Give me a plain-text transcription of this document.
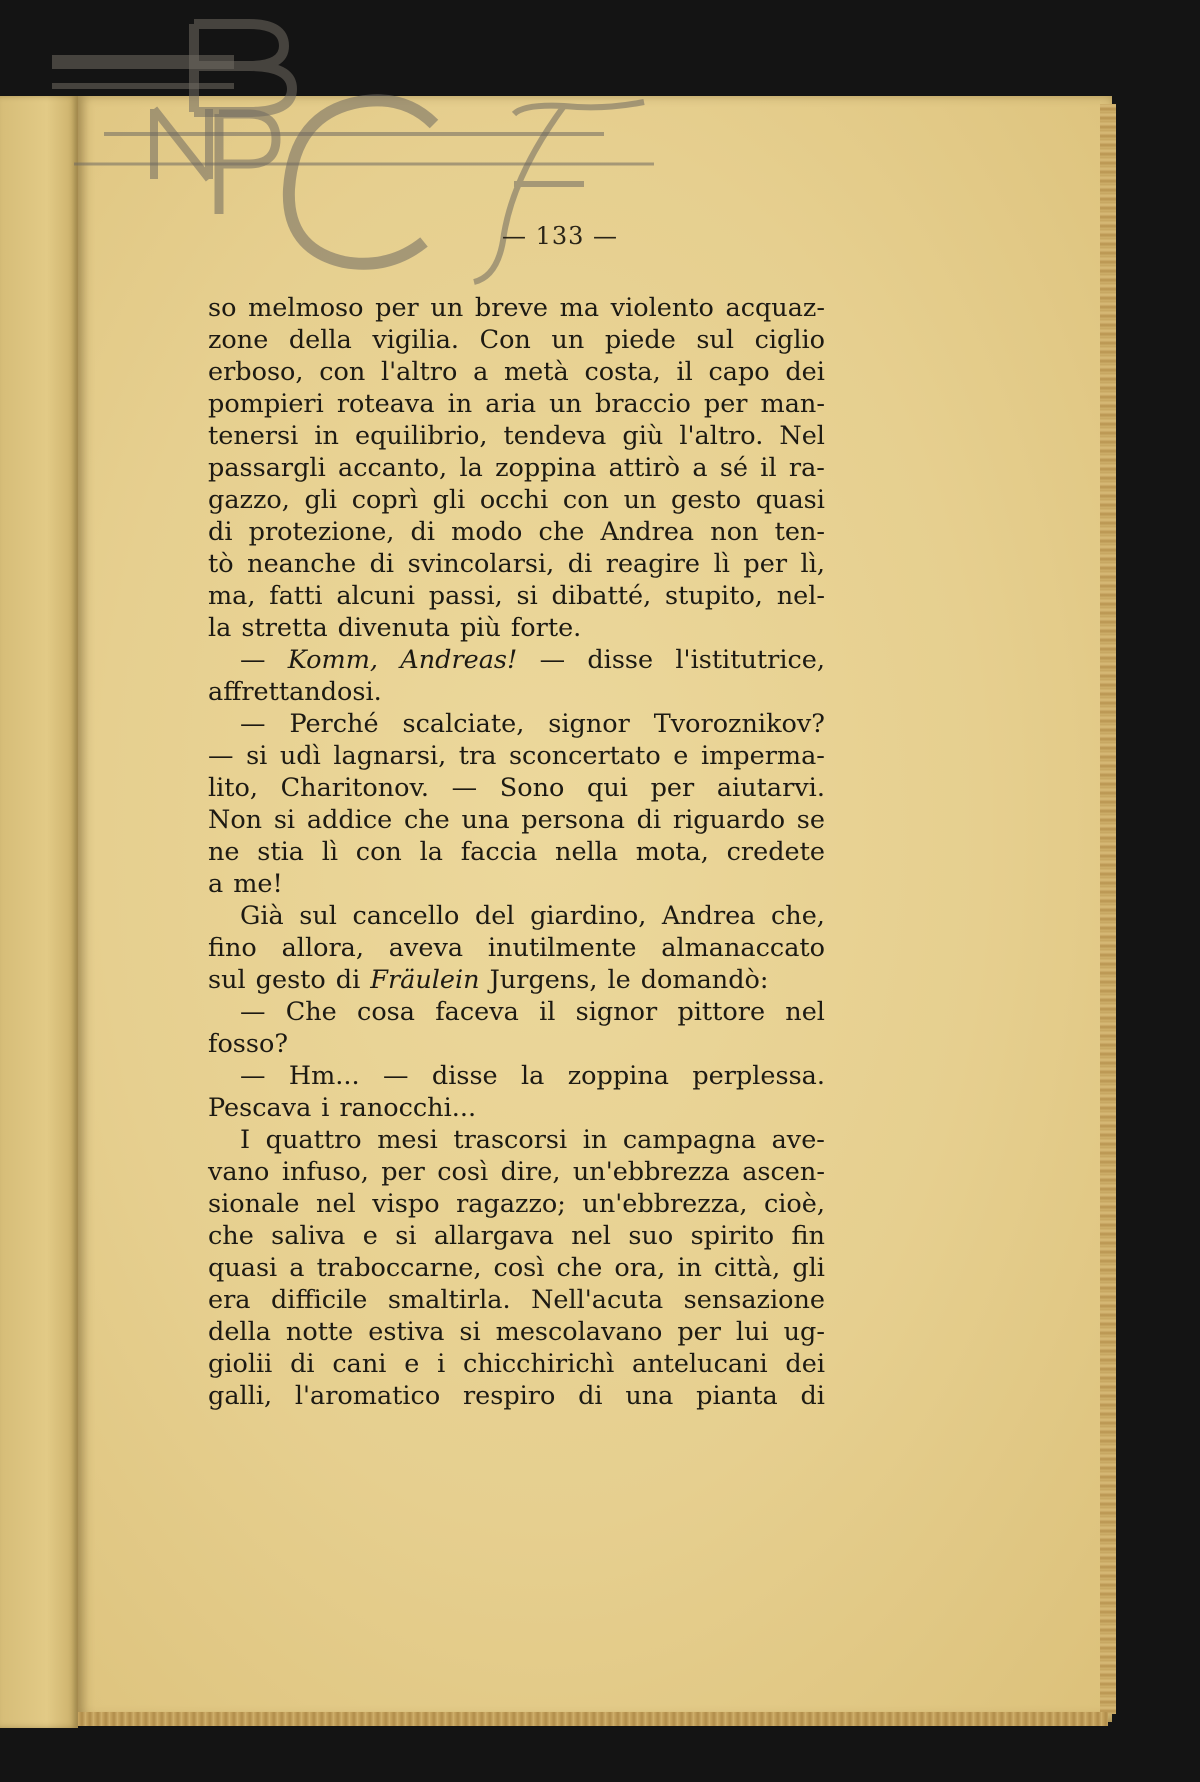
— 133 —
so melmoso per un breve ma violento acquaz-
zone della vigilia. Con un piede sul ciglio
erboso, con l'altro a metà costa, il capo dei
pompieri roteava in aria un braccio per man-
tenersi in equilibrio, tendeva giù l'altro. Nel
passargli accanto, la zoppina attirò a sé il ra-
gazzo, gli coprì gli occhi con un gesto quasi
di protezione, di modo che Andrea non ten-
tò neanche di svincolarsi, di reagire lì per lì,
ma, fatti alcuni passi, si dibatté, stupito, nel-
la stretta divenuta più forte.
— Komm, Andreas! — disse l'istitutrice,
affrettandosi.
— Perché scalciate, signor Tvoroznikov?
— si udì lagnarsi, tra sconcertato e imperma-
lito, Charitonov. — Sono qui per aiutarvi.
Non si addice che una persona di riguardo se
ne stia lì con la faccia nella mota, credete
a me!
Già sul cancello del giardino, Andrea che,
fino allora, aveva inutilmente almanaccato
sul gesto di Fräulein Jurgens, le domandò:
— Che cosa faceva il signor pittore nel
fosso?
— Hm... — disse la zoppina perplessa.
Pescava i ranocchi...
I quattro mesi trascorsi in campagna ave-
vano infuso, per così dire, un'ebbrezza ascen-
sionale nel vispo ragazzo; un'ebbrezza, cioè,
che saliva e si allargava nel suo spirito fin
quasi a traboccarne, così che ora, in città, gli
era difficile smaltirla. Nell'acuta sensazione
della notte estiva si mescolavano per lui ug-
giolii di cani e i chicchirichì antelucani dei
galli, l'aromatico respiro di una pianta di
